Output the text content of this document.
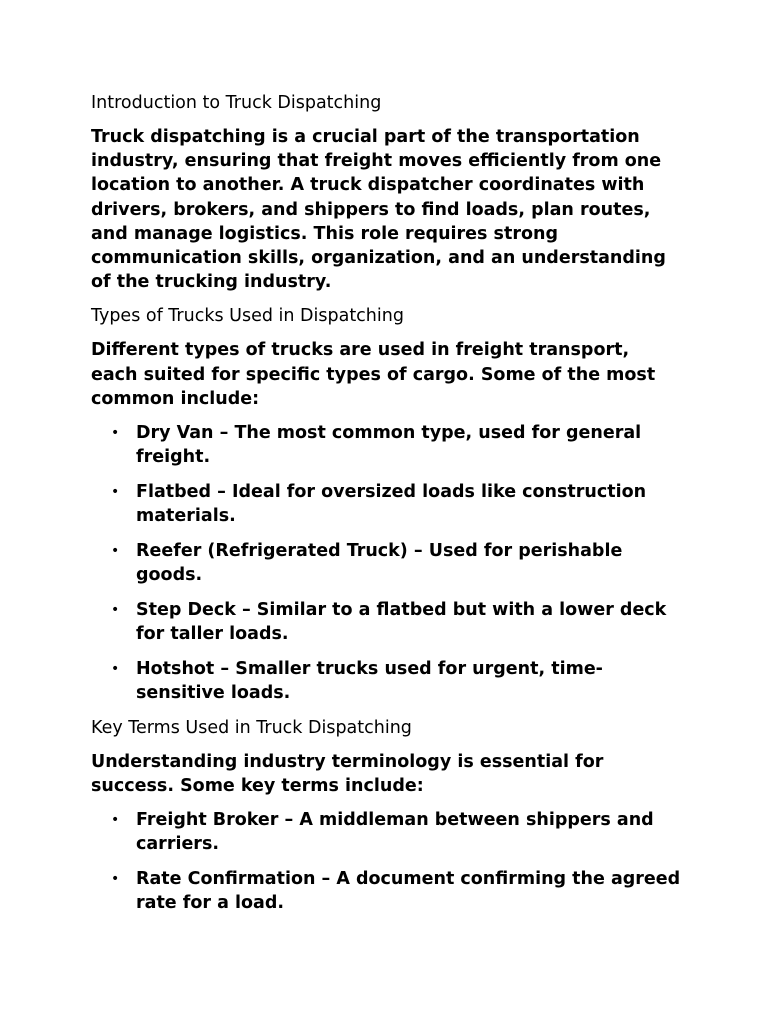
Introduction to Truck Dispatching
Truck dispatching is a crucial part of the transportation industry, ensuring that freight moves efficiently from one location to another. A truck dispatcher coordinates with drivers, brokers, and shippers to find loads, plan routes, and manage logistics. This role requires strong communication skills, organization, and an understanding of the trucking industry.
Types of Trucks Used in Dispatching
Different types of trucks are used in freight transport, each suited for specific types of cargo. Some of the most common include:
• Dry Van – The most common type, used for general freight.
• Flatbed – Ideal for oversized loads like construction materials.
• Reefer (Refrigerated Truck) – Used for perishable goods.
• Step Deck – Similar to a flatbed but with a lower deck for taller loads.
• Hotshot – Smaller trucks used for urgent, time-sensitive loads.
Key Terms Used in Truck Dispatching
Understanding industry terminology is essential for success. Some key terms include:
• Freight Broker – A middleman between shippers and carriers.
• Rate Confirmation – A document confirming the agreed rate for a load.
